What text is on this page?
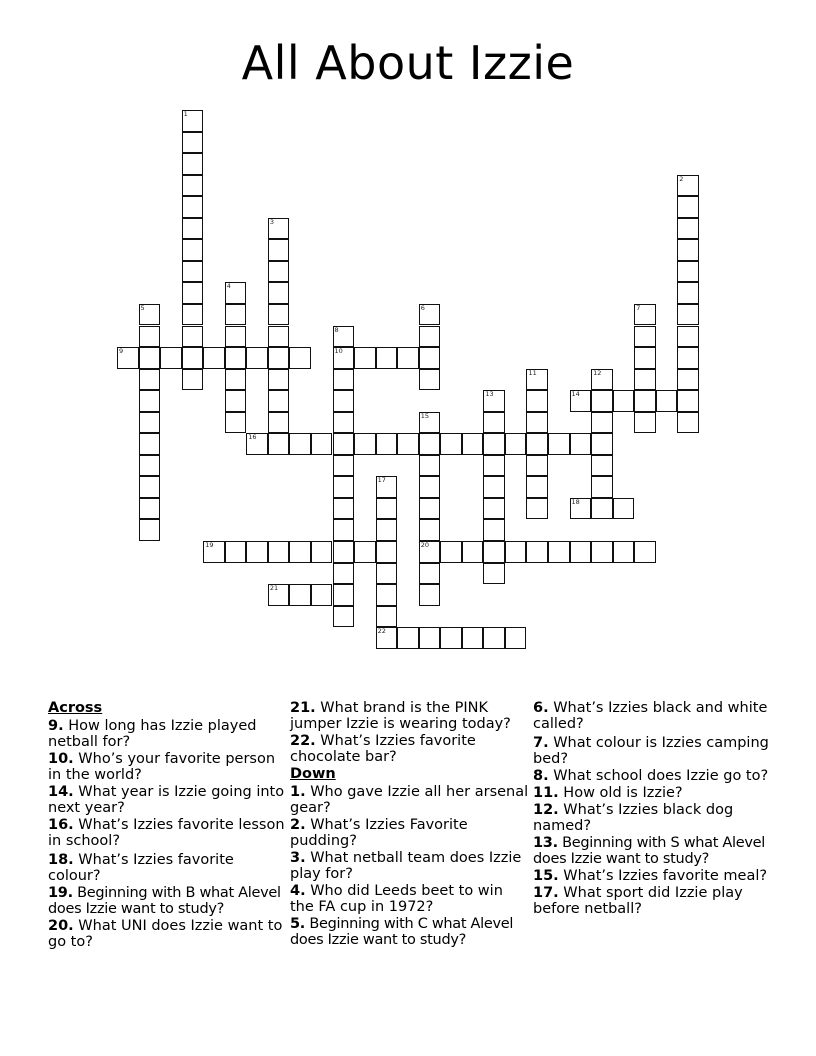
All About Izzie
1
2
3
4
5	6	7
8
10
9
11	12
13	14
15
20
16
17
22
18
19
21
Across
9. How long has Izzie played netball for?
10. Who’s your favorite person in the world?
14. What year is Izzie going into next year?
16. What’s Izzies favorite lesson in school?
18. What’s Izzies favorite colour?
19. Beginning with B what Alevel does Izzie want to study?
20. What UNI does Izzie want to go to?
21. What brand is the PINK jumper Izzie is wearing today?
22. What’s Izzies favorite chocolate bar?
Down
1. Who gave Izzie all her arsenal gear?
2. What’s Izzies Favorite pudding?
3. What netball team does Izzie play for?
4. Who did Leeds beet to win the FA cup in 1972?
5. Beginning with C what Alevel does Izzie want to study?
6. What’s Izzies black and white called?
7. What colour is Izzies camping bed?
8. What school does Izzie go to?
11. How old is Izzie?
12. What’s Izzies black dog named?
13. Beginning with S what Alevel does Izzie want to study?
15. What’s Izzies favorite meal?
17. What sport did Izzie play before netball?
